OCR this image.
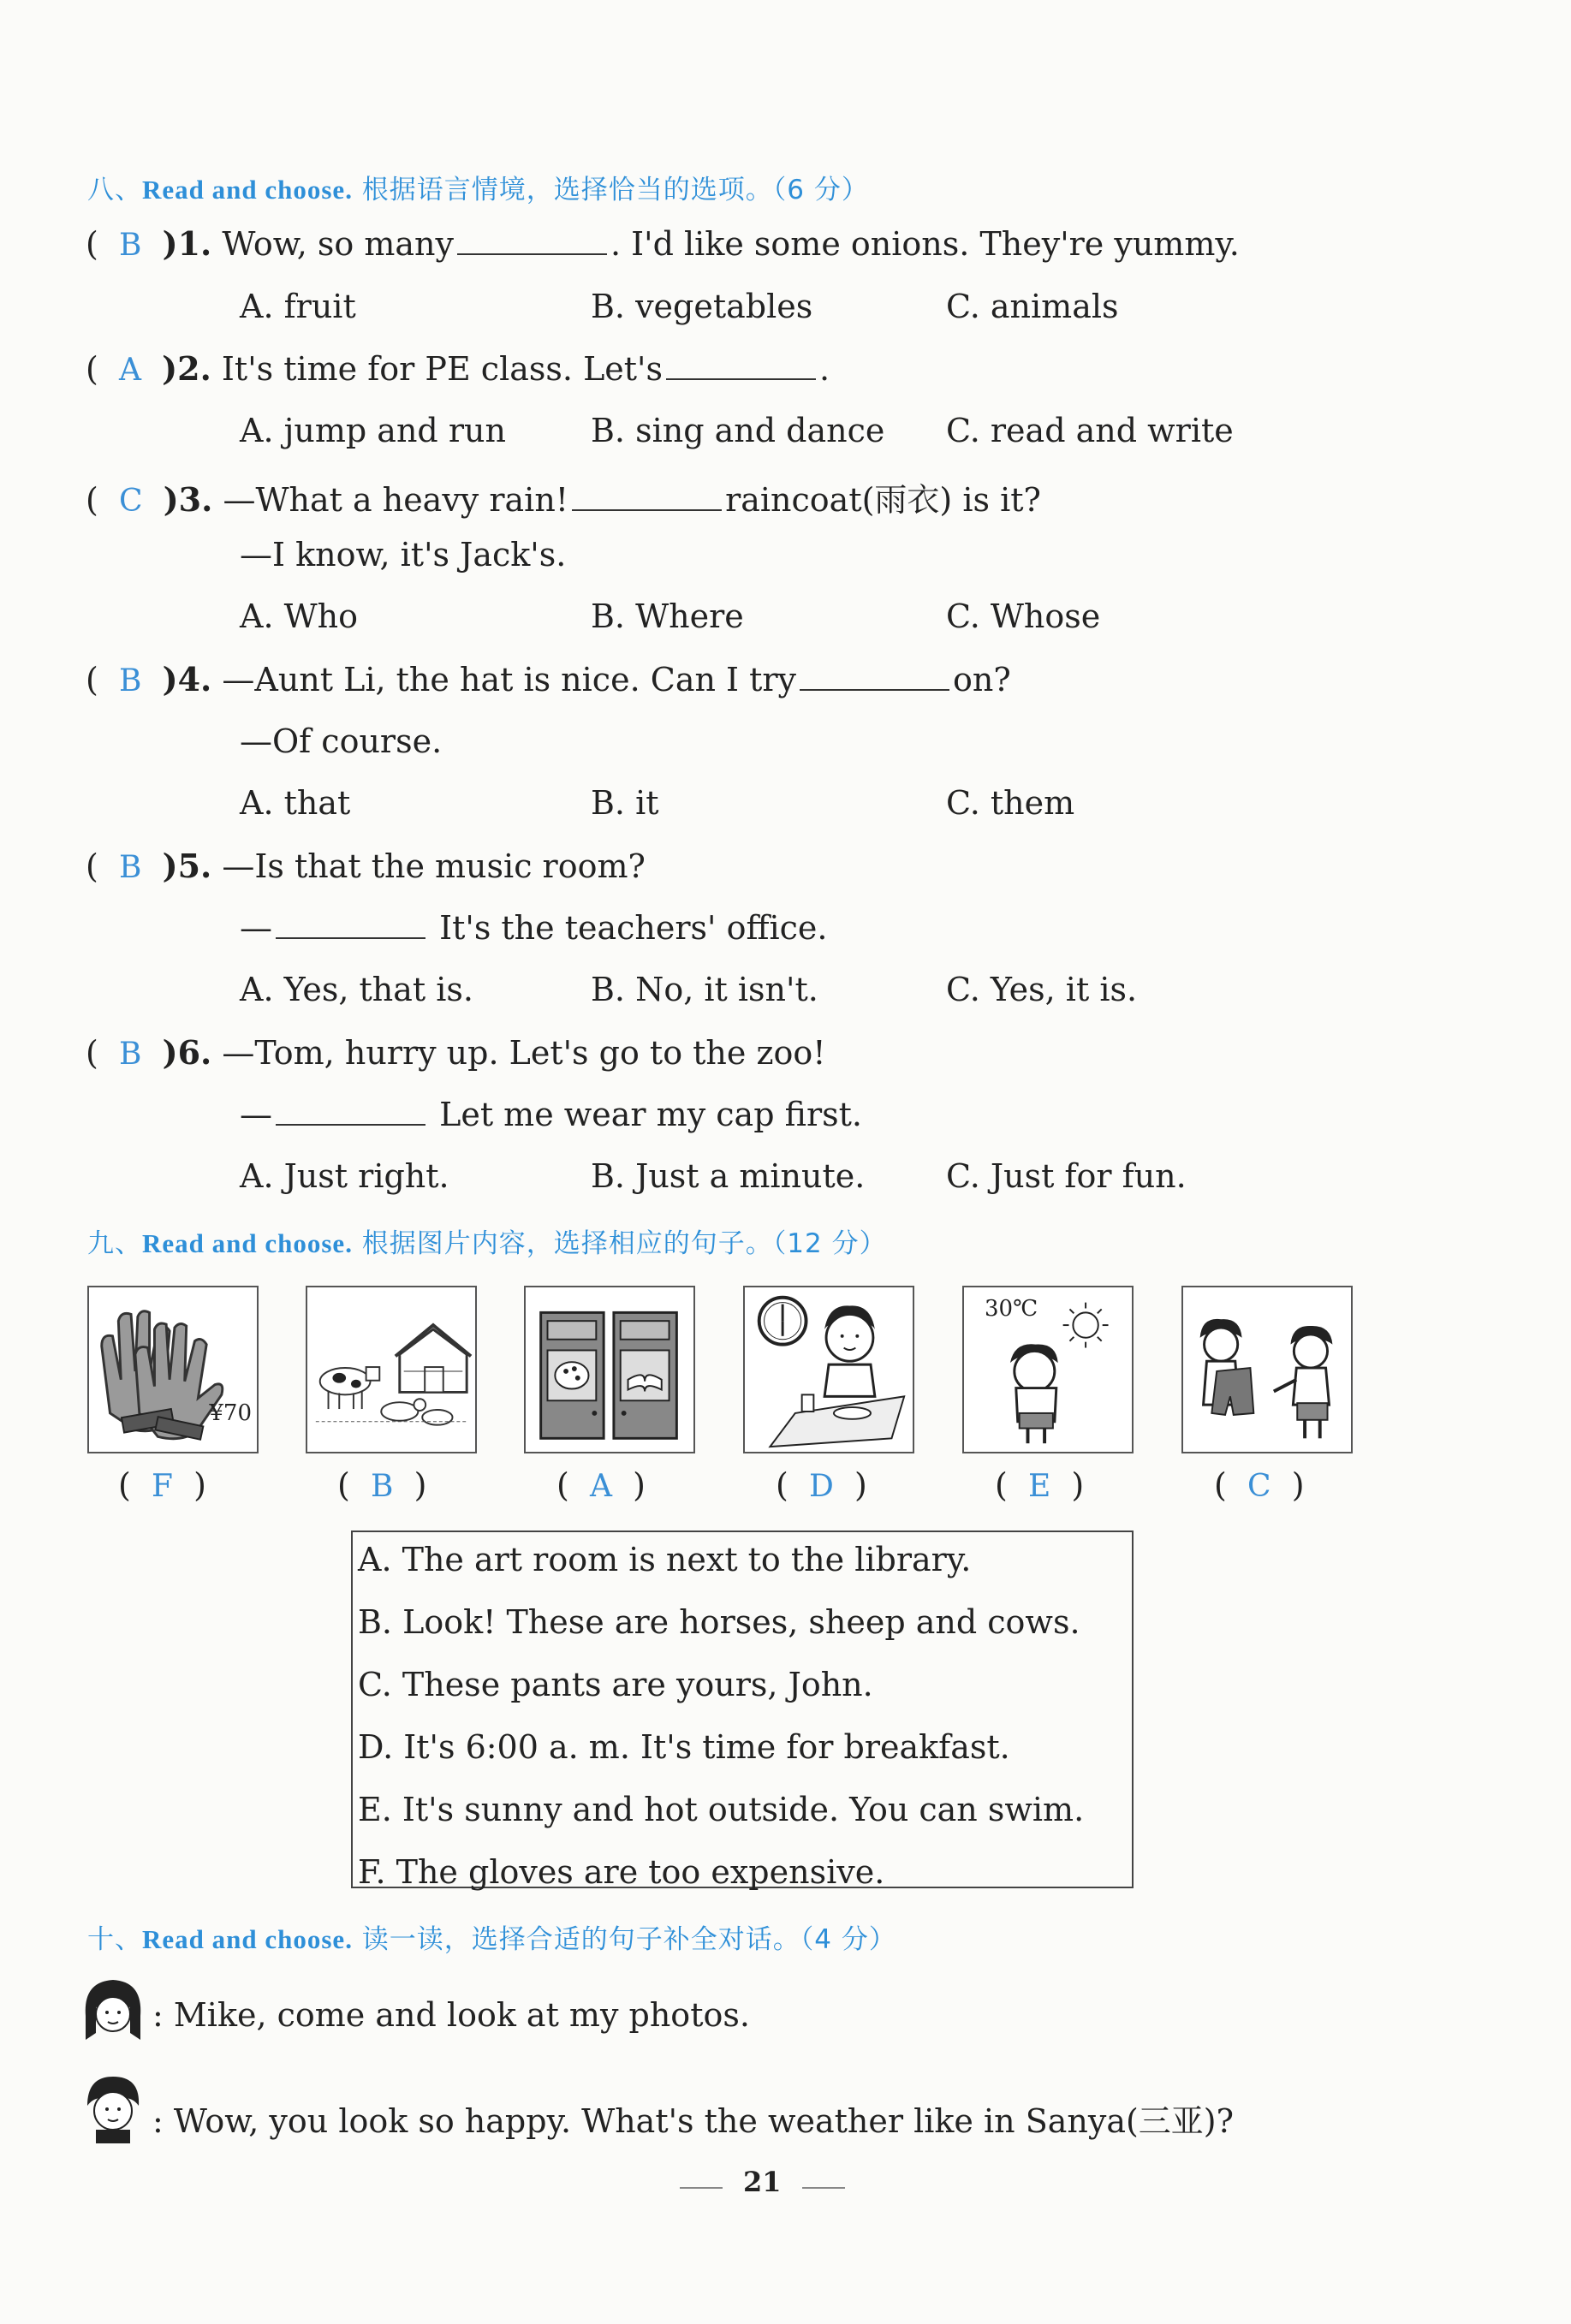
八、Read and choose. 根据语言情境，选择恰当的选项。（6 分）
(  B )1. Wow, so many	. I'd like some onions. They're yummy.
A. fruit	B. vegetables	C. animals
(  A )2. It's time for PE class. Let's	.
A. jump and run	B. sing and dance C. read and write
(  C )3. —What a heavy rain!	raincoat(雨衣) is it?
—I know, it's Jack's.
A. Who	B. Where	C. Whose
(  B )4. —Aunt Li, the hat is nice. Can I try	on?
—Of course.
A. that	B. it	C. them
(  B )5. —Is that the music room?
—	It's the teachers' office.
A. Yes, that is.	B. No, it isn't.	C. Yes, it is.
(  B )6. —Tom, hurry up. Let's go to the zoo!
—	Let me wear my cap first.
A. Just right.	B. Just a minute. C. Just for fun.
九、Read and choose. 根据图片内容，选择相应的句子。（12 分）
¥70
30℃
(  F  )	(  B  )	(  A  )	(  D  )	(  E  )	(  C  )
A. The art room is next to the library.
B. Look! These are horses, sheep and cows.
C. These pants are yours, John.
D. It's 6:00 a. m. It's time for breakfast.
E. It's sunny and hot outside. You can swim.
F. The gloves are too expensive.
十、Read and choose. 读一读，选择合适的句子补全对话。（4 分）
: Mike, come and look at my photos.
: Wow, you look so happy. What's the weather like in Sanya(三亚)?
21
